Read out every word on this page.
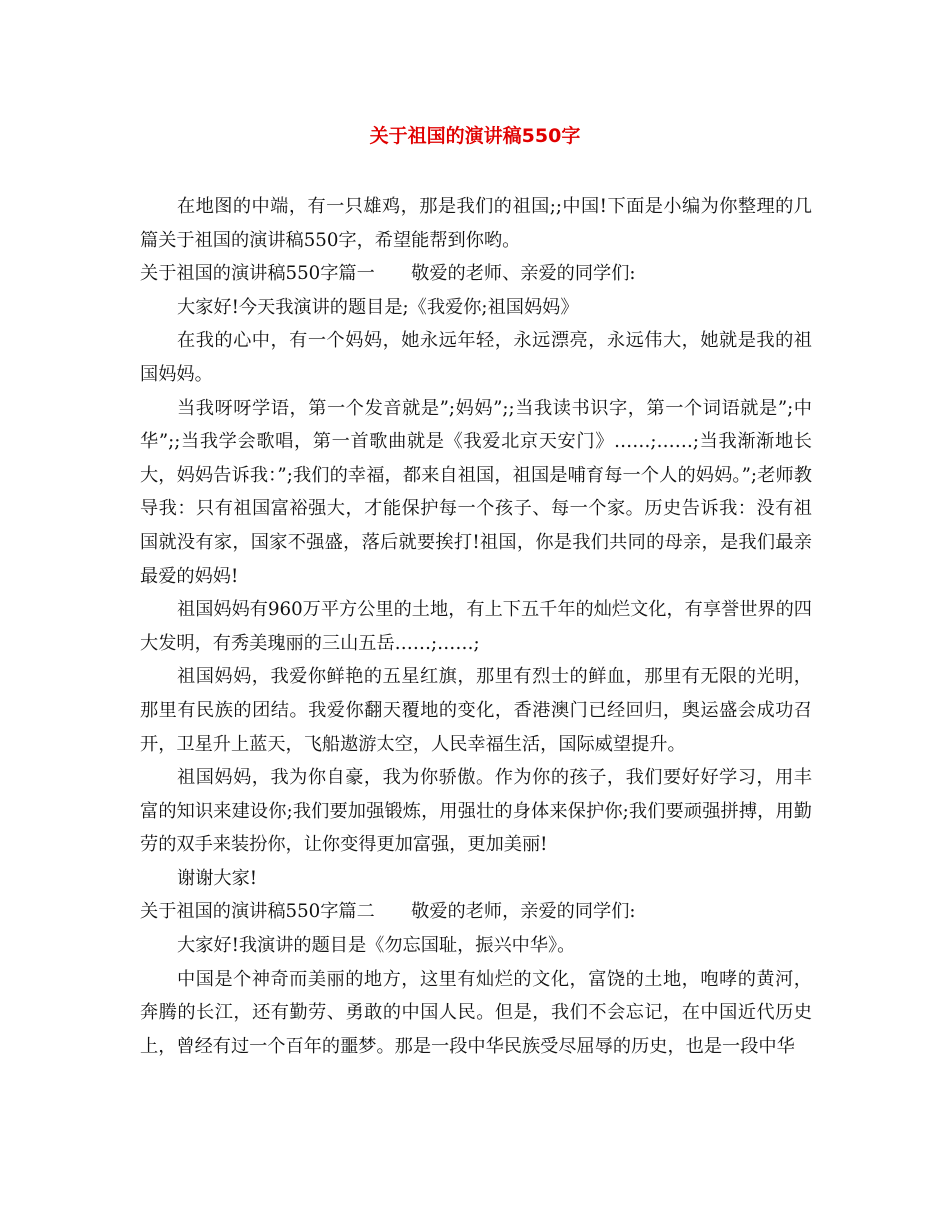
关于祖国的演讲稿550字

在地图的中端，有一只雄鸡，那是我们的祖国;;中国!下面是小编为你整理的几篇关于祖国的演讲稿550字，希望能帮到你哟。

关于祖国的演讲稿550字篇一　　敬爱的老师、亲爱的同学们:

大家好!今天我演讲的题目是;《我爱你;祖国妈妈》

在我的心中，有一个妈妈，她永远年轻，永远漂亮，永远伟大，她就是我的祖国妈妈。

当我呀呀学语，第一个发音就是”;妈妈”;;当我读书识字，第一个词语就是”;中华”;;当我学会歌唱，第一首歌曲就是《我爱北京天安门》……;……;当我渐渐地长大，妈妈告诉我：”;我们的幸福，都来自祖国，祖国是哺育每一个人的妈妈。”;老师教导我：只有祖国富裕强大，才能保护每一个孩子、每一个家。历史告诉我：没有祖国就没有家，国家不强盛，落后就要挨打!祖国，你是我们共同的母亲，是我们最亲最爱的妈妈!

祖国妈妈有960万平方公里的土地，有上下五千年的灿烂文化，有享誉世界的四大发明，有秀美瑰丽的三山五岳……;……;

祖国妈妈，我爱你鲜艳的五星红旗，那里有烈士的鲜血，那里有无限的光明，那里有民族的团结。我爱你翻天覆地的变化，香港澳门已经回归，奥运盛会成功召开，卫星升上蓝天，飞船遨游太空，人民幸福生活，国际威望提升。

祖国妈妈，我为你自豪，我为你骄傲。作为你的孩子，我们要好好学习，用丰富的知识来建设你;我们要加强锻炼，用强壮的身体来保护你;我们要顽强拼搏，用勤劳的双手来装扮你，让你变得更加富强，更加美丽!

谢谢大家!

关于祖国的演讲稿550字篇二　　敬爱的老师，亲爱的同学们:

大家好!我演讲的题目是《勿忘国耻，振兴中华》。

中国是个神奇而美丽的地方，这里有灿烂的文化，富饶的土地，咆哮的黄河，奔腾的长江，还有勤劳、勇敢的中国人民。但是，我们不会忘记，在中国近代历史上，曾经有过一个百年的噩梦。那是一段中华民族受尽屈辱的历史，也是一段中华
